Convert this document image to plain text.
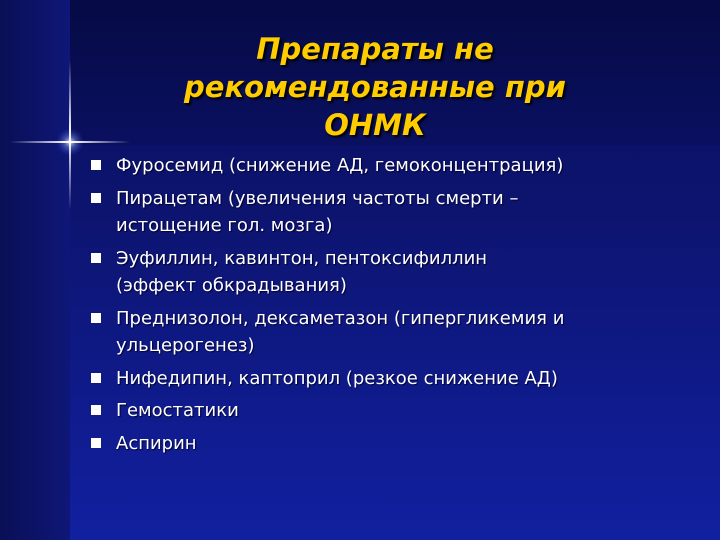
Препараты не
рекомендованные при
ОНМК
Фуросемид (снижение АД, гемоконцентрация)
Пирацетам (увеличения частоты смерти –
истощение гол. мозга)
Эуфиллин, кавинтон, пентоксифиллин
(эффект обкрадывания)
Преднизолон, дексаметазон (гипергликемия и
ульцерогенез)
Нифедипин, каптоприл (резкое снижение АД)
Гемостатики
Аспирин
